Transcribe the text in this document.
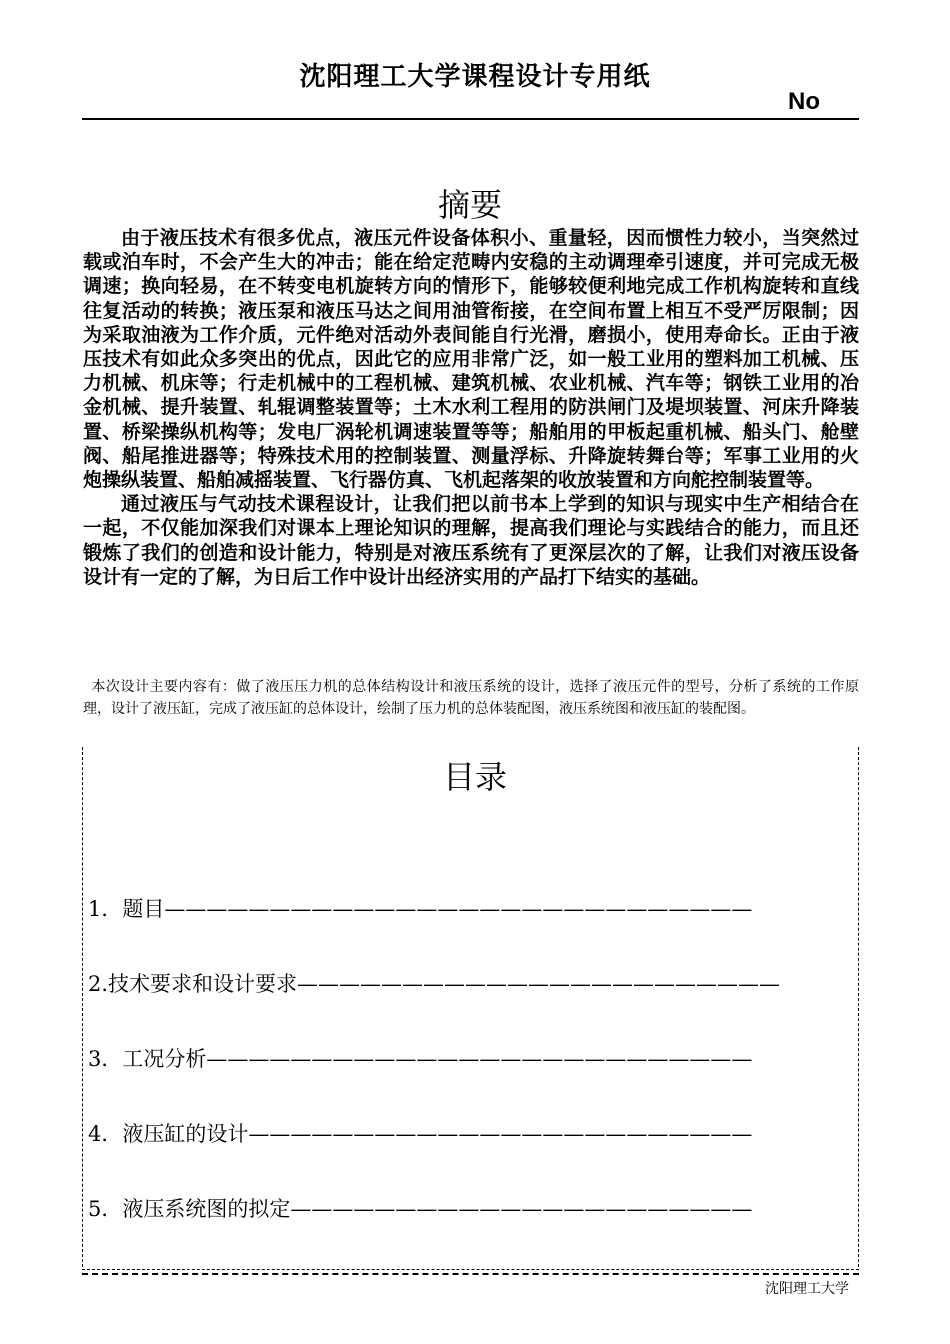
沈阳理工大学课程设计专用纸
No
摘要

由于液压技术有很多优点，液压元件设备体积小、重量轻，因而惯性力较小，当突然过载或泊车时，不会产生大的冲击；能在给定范畴内安稳的主动调理牵引速度，并可完成无极调速；换向轻易，在不转变电机旋转方向的情形下，能够较便利地完成工作机构旋转和直线往复活动的转换；液压泵和液压马达之间用油管衔接，在空间布置上相互不受严厉限制；因为采取油液为工作介质，元件绝对活动外表间能自行光滑，磨损小，使用寿命长。正由于液压技术有如此众多突出的优点，因此它的应用非常广泛，如一般工业用的塑料加工机械、压力机械、机床等；行走机械中的工程机械、建筑机械、农业机械、汽车等；钢铁工业用的冶金机械、提升装置、轧辊调整装置等；土木水利工程用的防洪闸门及堤坝装置、河床升降装置、桥梁操纵机构等；发电厂涡轮机调速装置等等；船舶用的甲板起重机械、船头门、舱壁阀、船尾推进器等；特殊技术用的控制装置、测量浮标、升降旋转舞台等；军事工业用的火炮操纵装置、船舶减摇装置、飞行器仿真、飞机起落架的收放装置和方向舵控制装置等。

通过液压与气动技术课程设计，让我们把以前书本上学到的知识与现实中生产相结合在一起，不仅能加深我们对课本上理论知识的理解，提高我们理论与实践结合的能力，而且还锻炼了我们的创造和设计能力，特别是对液压系统有了更深层次的了解，让我们对液压设备设计有一定的了解，为日后工作中设计出经济实用的产品打下结实的基础。

本次设计主要内容有：做了液压压力机的总体结构设计和液压系统的设计，选择了液压元件的型号，分析了系统的工作原理，设计了液压缸，完成了液压缸的总体设计，绘制了压力机的总体装配图，液压系统图和液压缸的装配图。

目录
1．题目————————————————————————————
2.技术要求和设计要求———————————————————————
3．工况分析——————————————————————————
4．液压缸的设计————————————————————————
5．液压系统图的拟定——————————————————————
沈阳理工大学
